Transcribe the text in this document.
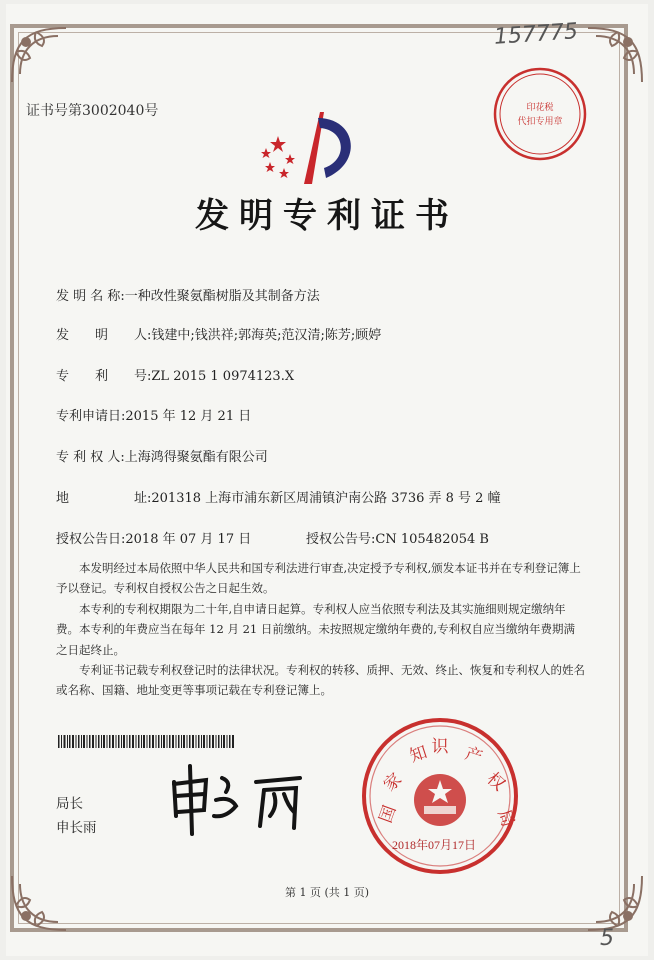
157775
5
印花税
代扣专用章
证书号第3002040号
发明专利证书
发 明 名 称:一种改性聚氨酯树脂及其制备方法
发　　明　　人:钱建中;钱洪祥;郭海英;范汉清;陈芳;顾婷
专　　利　　号:ZL 2015 1 0974123.X
专利申请日:2015 年 12 月 21 日
专 利 权 人:上海鸿得聚氨酯有限公司
地　　　　　址:201318 上海市浦东新区周浦镇沪南公路 3736 弄 8 号 2 幢
授权公告日:2018 年 07 月 17 日	授权公告号:CN 105482054 B

本发明经过本局依照中华人民共和国专利法进行审查,决定授予专利权,颁发本证书并在专利登记簿上予以登记。专利权自授权公告之日起生效。

本专利的专利权期限为二十年,自申请日起算。专利权人应当依照专利法及其实施细则规定缴纳年费。本专利的年费应当在每年 12 月 21 日前缴纳。未按照规定缴纳年费的,专利权自应当缴纳年费期满之日起终止。

专利证书记载专利权登记时的法律状况。专利权的转移、质押、无效、终止、恢复和专利权人的姓名或名称、国籍、地址变更等事项记载在专利登记簿上。

局长
申长雨
国
家
知 识 产
权
局
2018年07月17日
第 1 页 (共 1 页)
